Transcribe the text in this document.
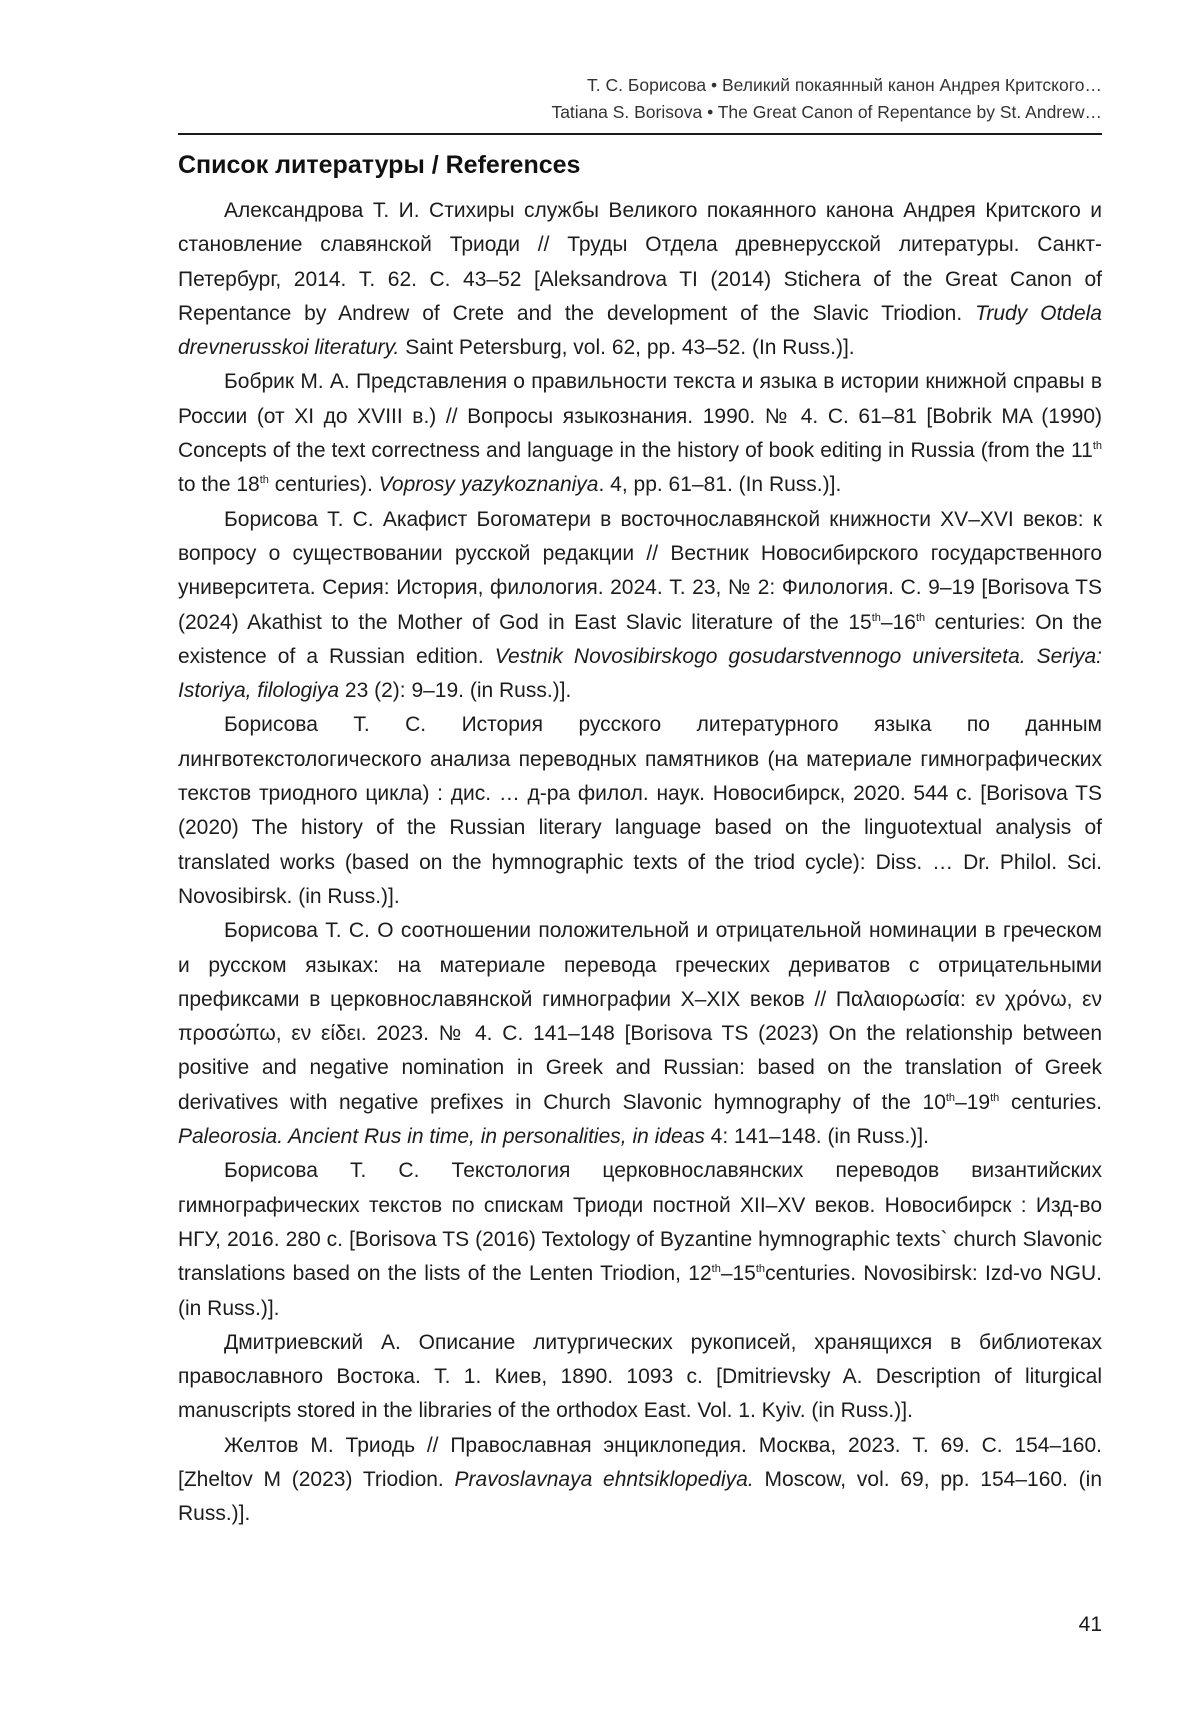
Т. С. Борисова • Великий покаянный канон Андрея Критского…
Tatiana S. Borisova • The Great Canon of Repentance by St. Andrew…
Список литературы / References

Александрова Т. И. Стихиры службы Великого покаянного канона Андрея Критского и становление славянской Триоди // Труды Отдела древнерусской литературы. Санкт-Петербург, 2014. Т. 62. С. 43–52 [Aleksandrova TI (2014) Stichera of the Great Canon of Repentance by Andrew of Crete and the development of the Slavic Triodion. Trudy Otdela drevnerusskoi literatury. Saint Petersburg, vol. 62, pp. 43–52. (In Russ.)].

Бобрик М. А. Представления о правильности текста и языка в истории книжной справы в России (от XI до XVIII в.) // Вопросы языкознания. 1990. № 4. С. 61–81 [Bobrik MA (1990) Concepts of the text correctness and language in the history of book editing in Russia (from the 11th to the 18th centuries). Voprosy yazykoznaniya. 4, pp. 61–81. (In Russ.)].

Борисова Т. С. Акафист Богоматери в восточнославянской книжности XV–XVI веков: к вопросу о существовании русской редакции // Вестник Новосибирского государственного университета. Серия: История, филология. 2024. Т. 23, № 2: Филология. С. 9–19 [Borisova TS (2024) Akathist to the Mother of God in East Slavic literature of the 15th–16th centuries: On the existence of a Russian edition. Vestnik Novosibirskogo gosudarstvennogo universiteta. Seriya: Istoriya, filologiya 23 (2): 9–19. (in Russ.)].

Борисова Т. С. История русского литературного языка по данным лингвотекстологического анализа переводных памятников (на материале гимнографических текстов триодного цикла) : дис. … д-ра филол. наук. Новосибирск, 2020. 544 с. [Borisova TS (2020) The history of the Russian literary language based on the linguotextual analysis of translated works (based on the hymnographic texts of the triod cycle): Diss. … Dr. Philol. Sci. Novosibirsk. (in Russ.)].

Борисова Т. С. О соотношении положительной и отрицательной номинации в греческом и русском языках: на материале перевода греческих дериватов с отрицательными префиксами в церковнославянской гимнографии X–XIX веков // Παλαιορωσία: εν χρόνω, εν προσώπω, εν είδει. 2023. № 4. С. 141–148 [Borisova TS (2023) On the relationship between positive and negative nomination in Greek and Russian: based on the translation of Greek derivatives with negative prefixes in Church Slavonic hymnography of the 10th–19th centuries. Paleorosia. Ancient Rus in time, in personalities, in ideas 4: 141–148. (in Russ.)].

Борисова Т. С. Текстология церковнославянских переводов византийских гимнографических текстов по спискам Триоди постной XII–XV веков. Новосибирск : Изд-во НГУ, 2016. 280 с. [Borisova TS (2016) Textology of Byzantine hymnographic texts` church Slavonic translations based on the lists of the Lenten Triodion, 12th–15thcenturies. Novosibirsk: Izd-vo NGU. (in Russ.)].

Дмитриевский А. Описание литургических рукописей, хранящихся в библиотеках православного Востока. Т. 1. Киев, 1890. 1093 с. [Dmitrievsky A. Description of liturgical manuscripts stored in the libraries of the orthodox East. Vol. 1. Kyiv. (in Russ.)].

Желтов М. Триодь // Православная энциклопедия. Москва, 2023. Т. 69. С. 154–160. [Zheltov M (2023) Triodion. Pravoslavnaya ehntsiklopediya. Moscow, vol. 69, pp. 154–160. (in Russ.)].

41
